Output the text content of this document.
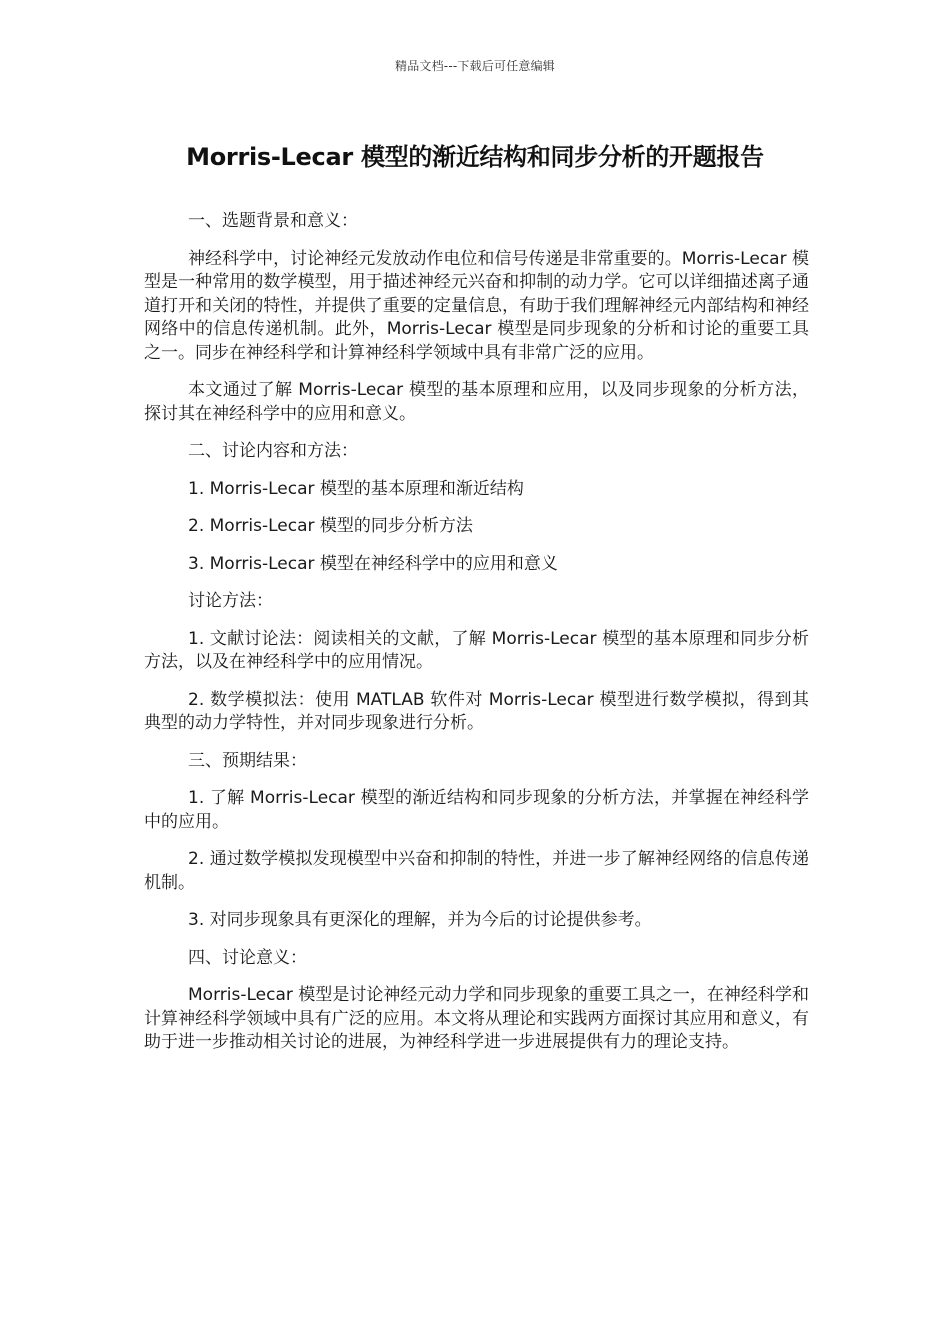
精品文档---下载后可任意编辑
Morris-Lecar 模型的渐近结构和同步分析的开题报告

一、选题背景和意义：

神经科学中，讨论神经元发放动作电位和信号传递是非常重要的。Morris-Lecar 模型是一种常用的数学模型，用于描述神经元兴奋和抑制的动力学。它可以详细描述离子通道打开和关闭的特性，并提供了重要的定量信息，有助于我们理解神经元内部结构和神经网络中的信息传递机制。此外，Morris-Lecar 模型是同步现象的分析和讨论的重要工具之一。同步在神经科学和计算神经科学领域中具有非常广泛的应用。

本文通过了解 Morris-Lecar 模型的基本原理和应用，以及同步现象的分析方法，探讨其在神经科学中的应用和意义。

二、讨论内容和方法：

1. Morris-Lecar 模型的基本原理和渐近结构

2. Morris-Lecar 模型的同步分析方法

3. Morris-Lecar 模型在神经科学中的应用和意义

讨论方法：

1. 文献讨论法：阅读相关的文献，了解 Morris-Lecar 模型的基本原理和同步分析方法，以及在神经科学中的应用情况。

2. 数学模拟法：使用 MATLAB 软件对 Morris-Lecar 模型进行数学模拟，得到其典型的动力学特性，并对同步现象进行分析。

三、预期结果：

1. 了解 Morris-Lecar 模型的渐近结构和同步现象的分析方法，并掌握在神经科学中的应用。

2. 通过数学模拟发现模型中兴奋和抑制的特性，并进一步了解神经网络的信息传递机制。

3. 对同步现象具有更深化的理解，并为今后的讨论提供参考。

四、讨论意义：

Morris-Lecar 模型是讨论神经元动力学和同步现象的重要工具之一，在神经科学和计算神经科学领域中具有广泛的应用。本文将从理论和实践两方面探讨其应用和意义，有助于进一步推动相关讨论的进展，为神经科学进一步进展提供有力的理论支持。
